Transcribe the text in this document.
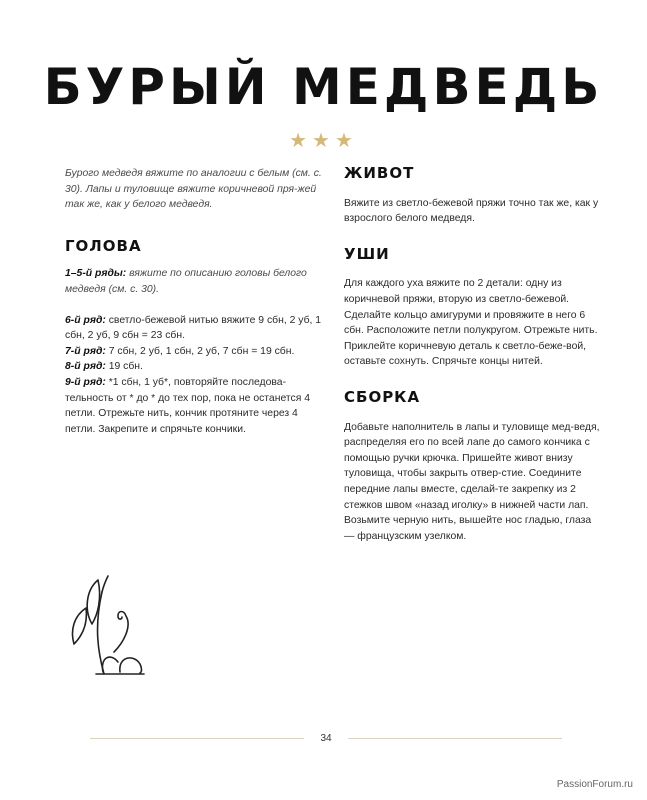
БУРЫЙ МЕДВЕДЬ
★★★

Бурого медведя вяжите по аналогии с белым (см. с. 30). Лапы и туловище вяжите коричневой пря-жей так же, как у белого медведя.

ГОЛОВА

1–5-й ряды: вяжите по описанию головы белого медведя (см. с. 30).

6-й ряд: светло-бежевой нитью вяжите 9 сбн, 2 уб, 1 сбн, 2 уб, 9 сбн = 23 сбн.

7-й ряд: 7 сбн, 2 уб, 1 сбн, 2 уб, 7 сбн = 19 сбн.

8-й ряд: 19 сбн.

9-й ряд: *1 сбн, 1 уб*, повторяйте последова-тельность от * до * до тех пор, пока не останется 4 петли. Отрежьте нить, кончик протяните через 4 петли. Закрепите и спрячьте кончики.

ЖИВОТ

Вяжите из светло-бежевой пряжи точно так же, как у взрослого белого медведя.

УШИ

Для каждого уха вяжите по 2 детали: одну из коричневой пряжи, вторую из светло-бежевой. Сделайте кольцо амигуруми и провяжите в него 6 сбн. Расположите петли полукругом. Отрежьте нить.

Приклейте коричневую деталь к светло-беже-вой, оставьте сохнуть. Спрячьте концы нитей.

СБОРКА

Добавьте наполнитель в лапы и туловище мед-ведя, распределяя его по всей лапе до самого кончика с помощью ручки крючка. Пришейте живот внизу туловища, чтобы закрыть отвер-стие. Соедините передние лапы вместе, сделай-те закрепку из 2 стежков швом «назад иголку» в нижней части лап. Возьмите черную нить, вышейте нос гладью, глаза — французским узелком.

34
PassionForum.ru
